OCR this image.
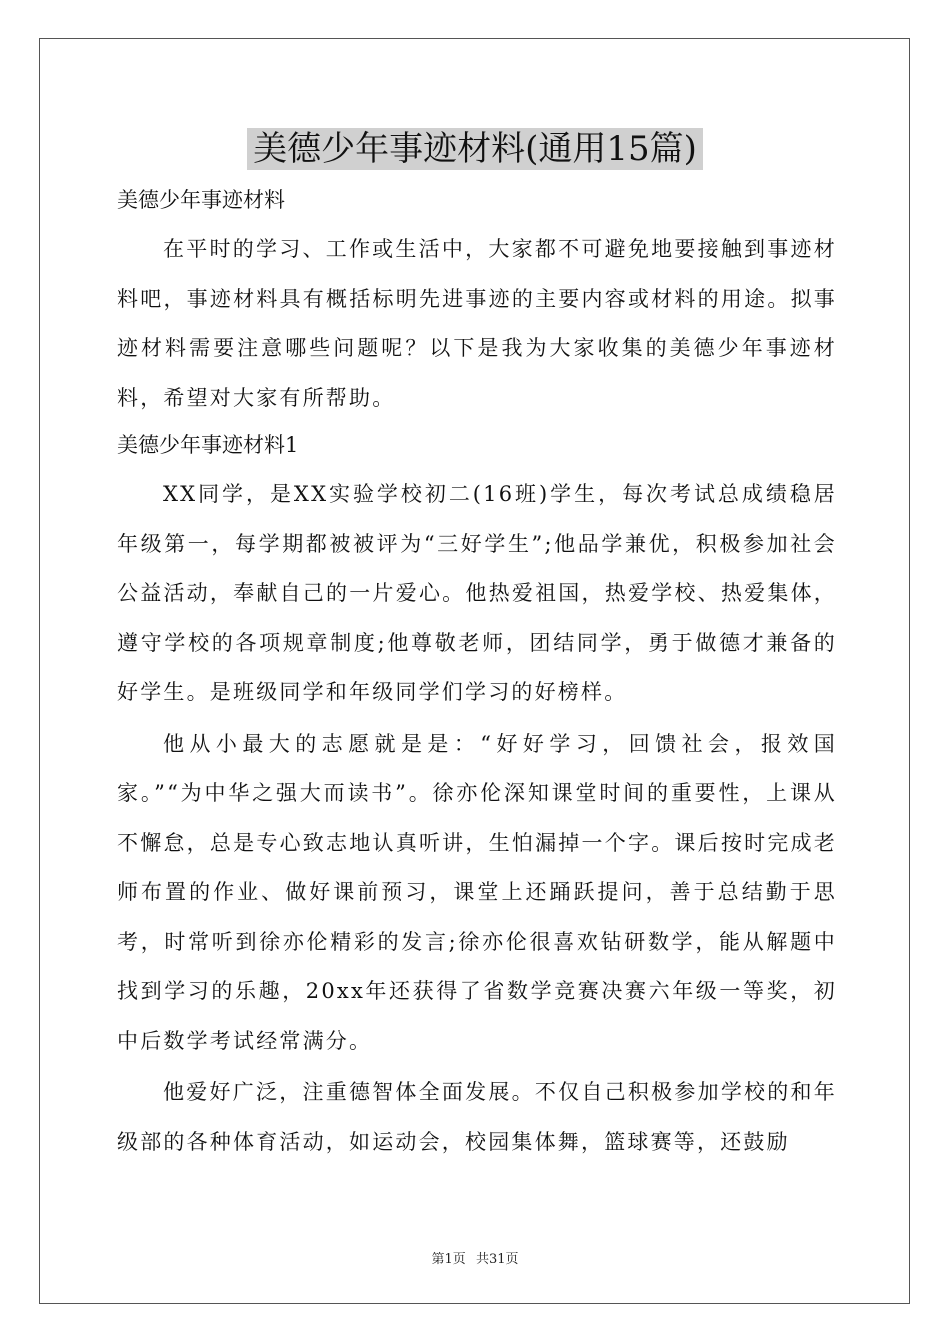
美德少年事迹材料(通用15篇)

美德少年事迹材料

在平时的学习、工作或生活中，大家都不可避免地要接触到事迹材料吧，事迹材料具有概括标明先进事迹的主要内容或材料的用途。拟事迹材料需要注意哪些问题呢？以下是我为大家收集的美德少年事迹材料，希望对大家有所帮助。

美德少年事迹材料1

XX同学，是XX实验学校初二(16班)学生，每次考试总成绩稳居年级第一，每学期都被被评为“三好学生”;他品学兼优，积极参加社会公益活动，奉献自己的一片爱心。他热爱祖国，热爱学校、热爱集体，遵守学校的各项规章制度;他尊敬老师，团结同学，勇于做德才兼备的好学生。是班级同学和年级同学们学习的好榜样。

他从小最大的志愿就是是：“好好学习，回馈社会，报效国家。”“为中华之强大而读书”。徐亦伦深知课堂时间的重要性，上课从不懈怠，总是专心致志地认真听讲，生怕漏掉一个字。课后按时完成老师布置的作业、做好课前预习，课堂上还踊跃提问，善于总结勤于思考，时常听到徐亦伦精彩的发言;徐亦伦很喜欢钻研数学，能从解题中找到学习的乐趣，20xx年还获得了省数学竞赛决赛六年级一等奖，初中后数学考试经常满分。

他爱好广泛，注重德智体全面发展。不仅自己积极参加学校的和年级部的各种体育活动，如运动会，校园集体舞，篮球赛等，还鼓励

第1页 共31页
